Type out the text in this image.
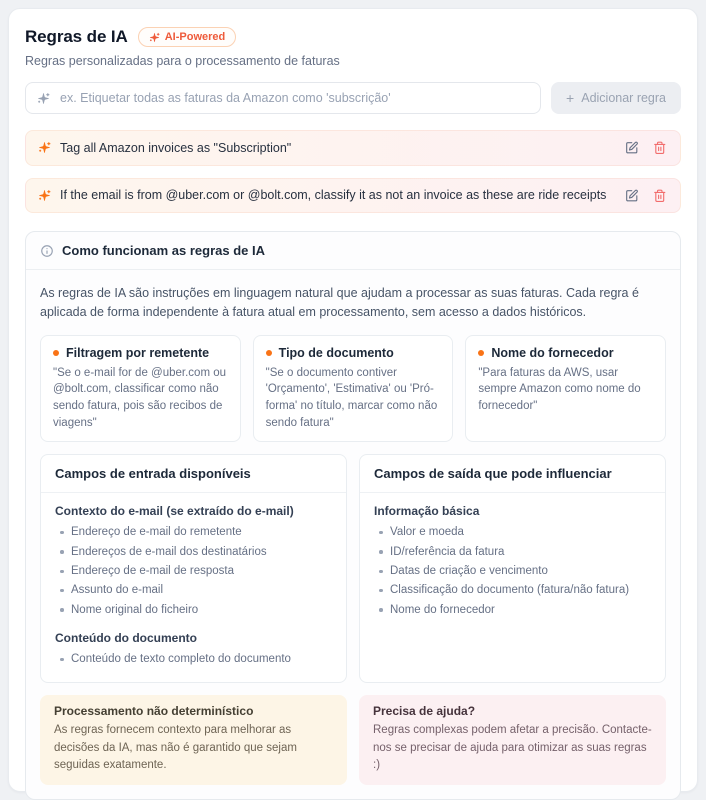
Regras de IA	AI-Powered

Regras personalizadas para o processamento de faturas

ex. Etiquetar todas as faturas da Amazon como 'subscrição'
+ Adicionar regra
Tag all Amazon invoices as "Subscription"
If the email is from @uber.com or @bolt.com, classify it as not an invoice as these are ride receipts
Como funcionam as regras de IA

As regras de IA são instruções em linguagem natural que ajudam a processar as suas faturas. Cada regra é aplicada de forma independente à fatura atual em processamento, sem acesso a dados históricos.

Filtragem por remetente

"Se o e-mail for de @uber.com ou @bolt.com, classificar como não sendo fatura, pois são recibos de viagens"

Tipo de documento

"Se o documento contiver 'Orçamento', 'Estimativa' ou 'Pró-forma' no título, marcar como não sendo fatura"

Nome do fornecedor

"Para faturas da AWS, usar sempre Amazon como nome do fornecedor"

Campos de entrada disponíveis
Contexto do e-mail (se extraído do e-mail)
Endereço de e-mail do remetente
Endereços de e-mail dos destinatários
Endereço de e-mail de resposta
Assunto do e-mail
Nome original do ficheiro
Conteúdo do documento
Conteúdo de texto completo do documento
Campos de saída que pode influenciar
Informação básica
Valor e moeda
ID/referência da fatura
Datas de criação e vencimento
Classificação do documento (fatura/não fatura)
Nome do fornecedor
Processamento não determinístico

As regras fornecem contexto para melhorar as decisões da IA, mas não é garantido que sejam seguidas exatamente.

Precisa de ajuda?

Regras complexas podem afetar a precisão. Contacte-nos se precisar de ajuda para otimizar as suas regras :)
